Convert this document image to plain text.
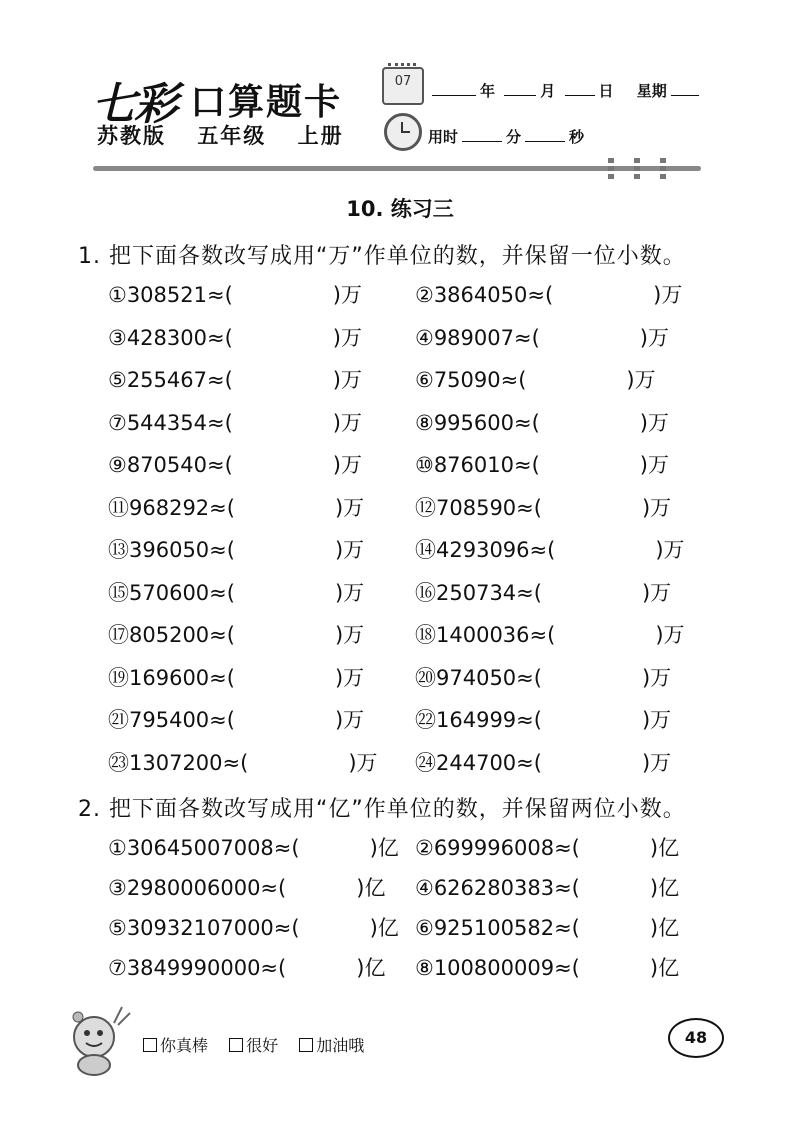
七彩 口算题卡
苏教版 五年级 上册
07
年	月	日 星期
用时	分	秒
10. 练习三
1. 把下面各数改写成用“万”作单位的数，并保留一位小数。
①308521≈(	)万	②3864050≈(	)万
③428300≈(	)万	④989007≈(	)万
⑤255467≈(	)万	⑥75090≈(	)万
⑦544354≈(	)万	⑧995600≈(	)万
⑨870540≈(	)万	⑩876010≈(	)万
⑪968292≈(	)万 ⑫708590≈(	)万
⑬396050≈(	)万 ⑭4293096≈(	)万
⑮570600≈(	)万 ⑯250734≈(	)万
⑰805200≈(	)万 ⑱1400036≈(	)万
⑲169600≈(	)万 ⑳974050≈(	)万
㉑795400≈(	)万 ㉒164999≈(	)万
㉓1307200≈(	)万 ㉔244700≈(	)万
2. 把下面各数改写成用“亿”作单位的数，并保留两位小数。
①30645007008≈(	)亿 ②699996008≈(	)亿
③2980006000≈(	)亿 ④626280383≈(	)亿
⑤30932107000≈(	)亿 ⑥925100582≈(	)亿
⑦3849990000≈(	)亿 ⑧100800009≈(	)亿
你真棒 很好 加油哦	48
